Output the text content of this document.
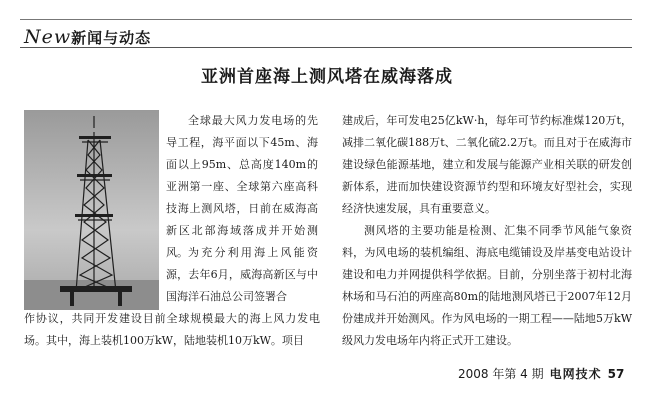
New新闻与动态
亚洲首座海上测风塔在威海落成

全球最大风力发电场的先导工程，海平面以下45m、海面以上95m、总高度140m的亚洲第一座、全球第六座高科技海上测风塔，日前在威海高新区北部海域落成并开始测风。 为充分利用海上风能资源，去年6月，威海高新区与中国海洋石油总公司签署合

作协议，共同开发建设目前全球规模最大的海上风力发电场。其中，海上装机100万kW，陆地装机10万kW。项目

建成后，年可发电25亿kW·h，每年可节约标准煤120万t，减排二氧化碳188万t、二氧化硫2.2万t。而且对于在威海市建设绿色能源基地，建立和发展与能源产业相关联的研发创新体系，进而加快建设资源节约型和环境友好型社会，实现经济快速发展，具有重要意义。

测风塔的主要功能是检测、汇集不同季节风能气象资料，为风电场的装机编组、海底电缆铺设及岸基变电站设计建设和电力并网提供科学依据。目前，分别坐落于初村北海林场和马石泊的两座高80m的陆地测风塔已于2007年12月份建成并开始测风。作为风电场的一期工程——陆地5万kW级风力发电场年内将正式开工建设。

2008 年第 4 期 电网技术 57
